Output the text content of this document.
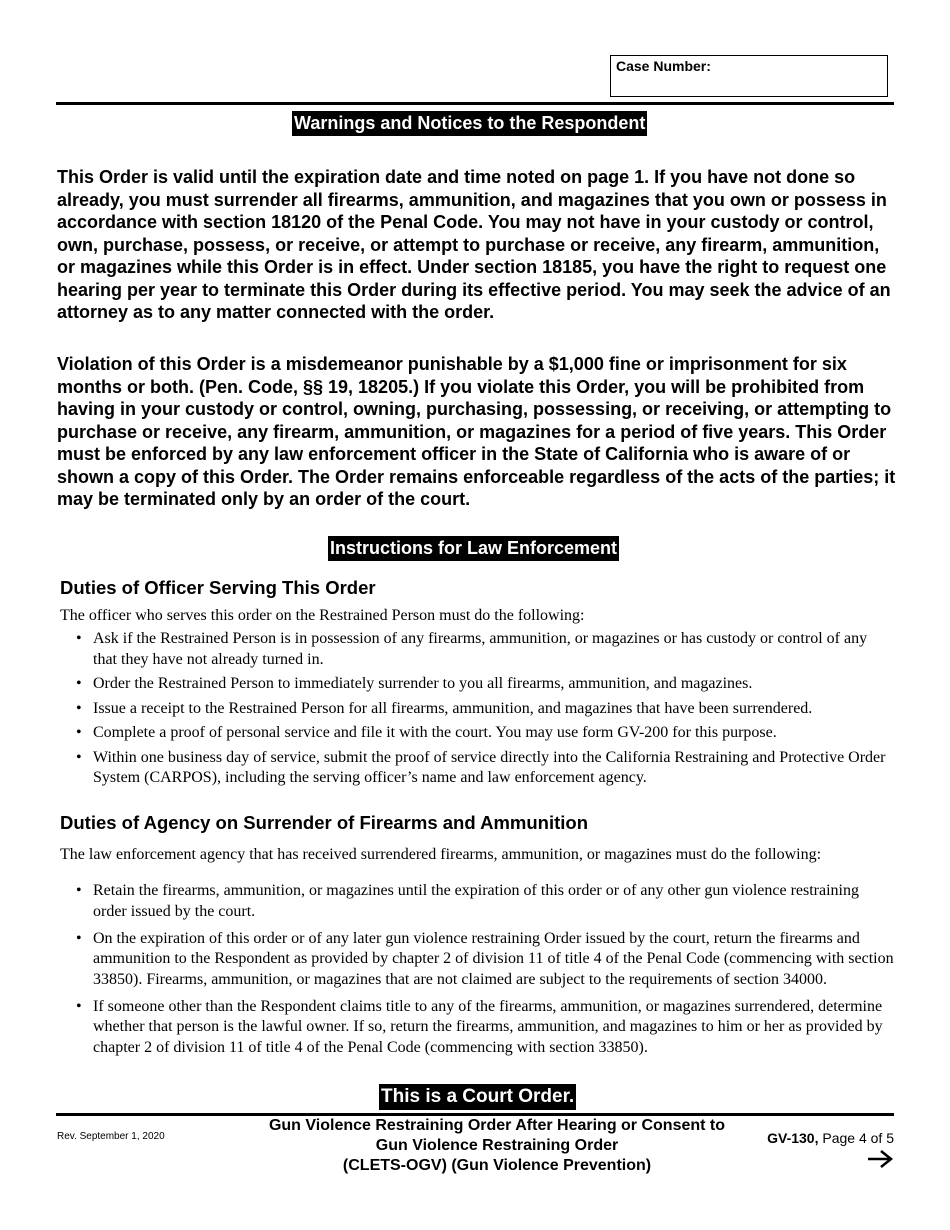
Case Number:
Warnings and Notices to the Respondent

This Order is valid until the expiration date and time noted on page 1. If you have not done so already, you must surrender all firearms, ammunition, and magazines that you own or possess in accordance with section 18120 of the Penal Code. You may not have in your custody or control, own, purchase, possess, or receive, or attempt to purchase or receive, any firearm, ammunition, or magazines while this Order is in effect. Under section 18185, you have the right to request one hearing per year to terminate this Order during its effective period. You may seek the advice of an attorney as to any matter connected with the order.

Violation of this Order is a misdemeanor punishable by a $1,000 fine or imprisonment for six months or both. (Pen. Code, §§ 19, 18205.) If you violate this Order, you will be prohibited from having in your custody or control, owning, purchasing, possessing, or receiving, or attempting to purchase or receive, any firearm, ammunition, or magazines for a period of five years. This Order must be enforced by any law enforcement officer in the State of California who is aware of or shown a copy of this Order. The Order remains enforceable regardless of the acts of the parties; it may be terminated only by an order of the court.

Instructions for Law Enforcement
Duties of Officer Serving This Order

The officer who serves this order on the Restrained Person must do the following:

• Ask if the Restrained Person is in possession of any firearms, ammunition, or magazines or has custody or control of any that they have not already turned in.
• Order the Restrained Person to immediately surrender to you all firearms, ammunition, and magazines.
• Issue a receipt to the Restrained Person for all firearms, ammunition, and magazines that have been surrendered.
• Complete a proof of personal service and file it with the court. You may use form GV-200 for this purpose.
• Within one business day of service, submit the proof of service directly into the California Restraining and Protective Order System (CARPOS), including the serving officer’s name and law enforcement agency.
Duties of Agency on Surrender of Firearms and Ammunition

The law enforcement agency that has received surrendered firearms, ammunition, or magazines must do the following:

• Retain the firearms, ammunition, or magazines until the expiration of this order or of any other gun violence restraining order issued by the court.
• On the expiration of this order or of any later gun violence restraining Order issued by the court, return the firearms and ammunition to the Respondent as provided by chapter 2 of division 11 of title 4 of the Penal Code (commencing with section 33850). Firearms, ammunition, or magazines that are not claimed are subject to the requirements of section 34000.
• If someone other than the Respondent claims title to any of the firearms, ammunition, or magazines surrendered, determine whether that person is the lawful owner. If so, return the firearms, ammunition, and magazines to him or her as provided by chapter 2 of division 11 of title 4 of the Penal Code (commencing with section 33850).
This is a Court Order.
Rev. September 1, 2020
Gun Violence Restraining Order After Hearing or Consent to
Gun Violence Restraining Order
(CLETS-OGV) (Gun Violence Prevention)
GV-130, Page 4 of 5
